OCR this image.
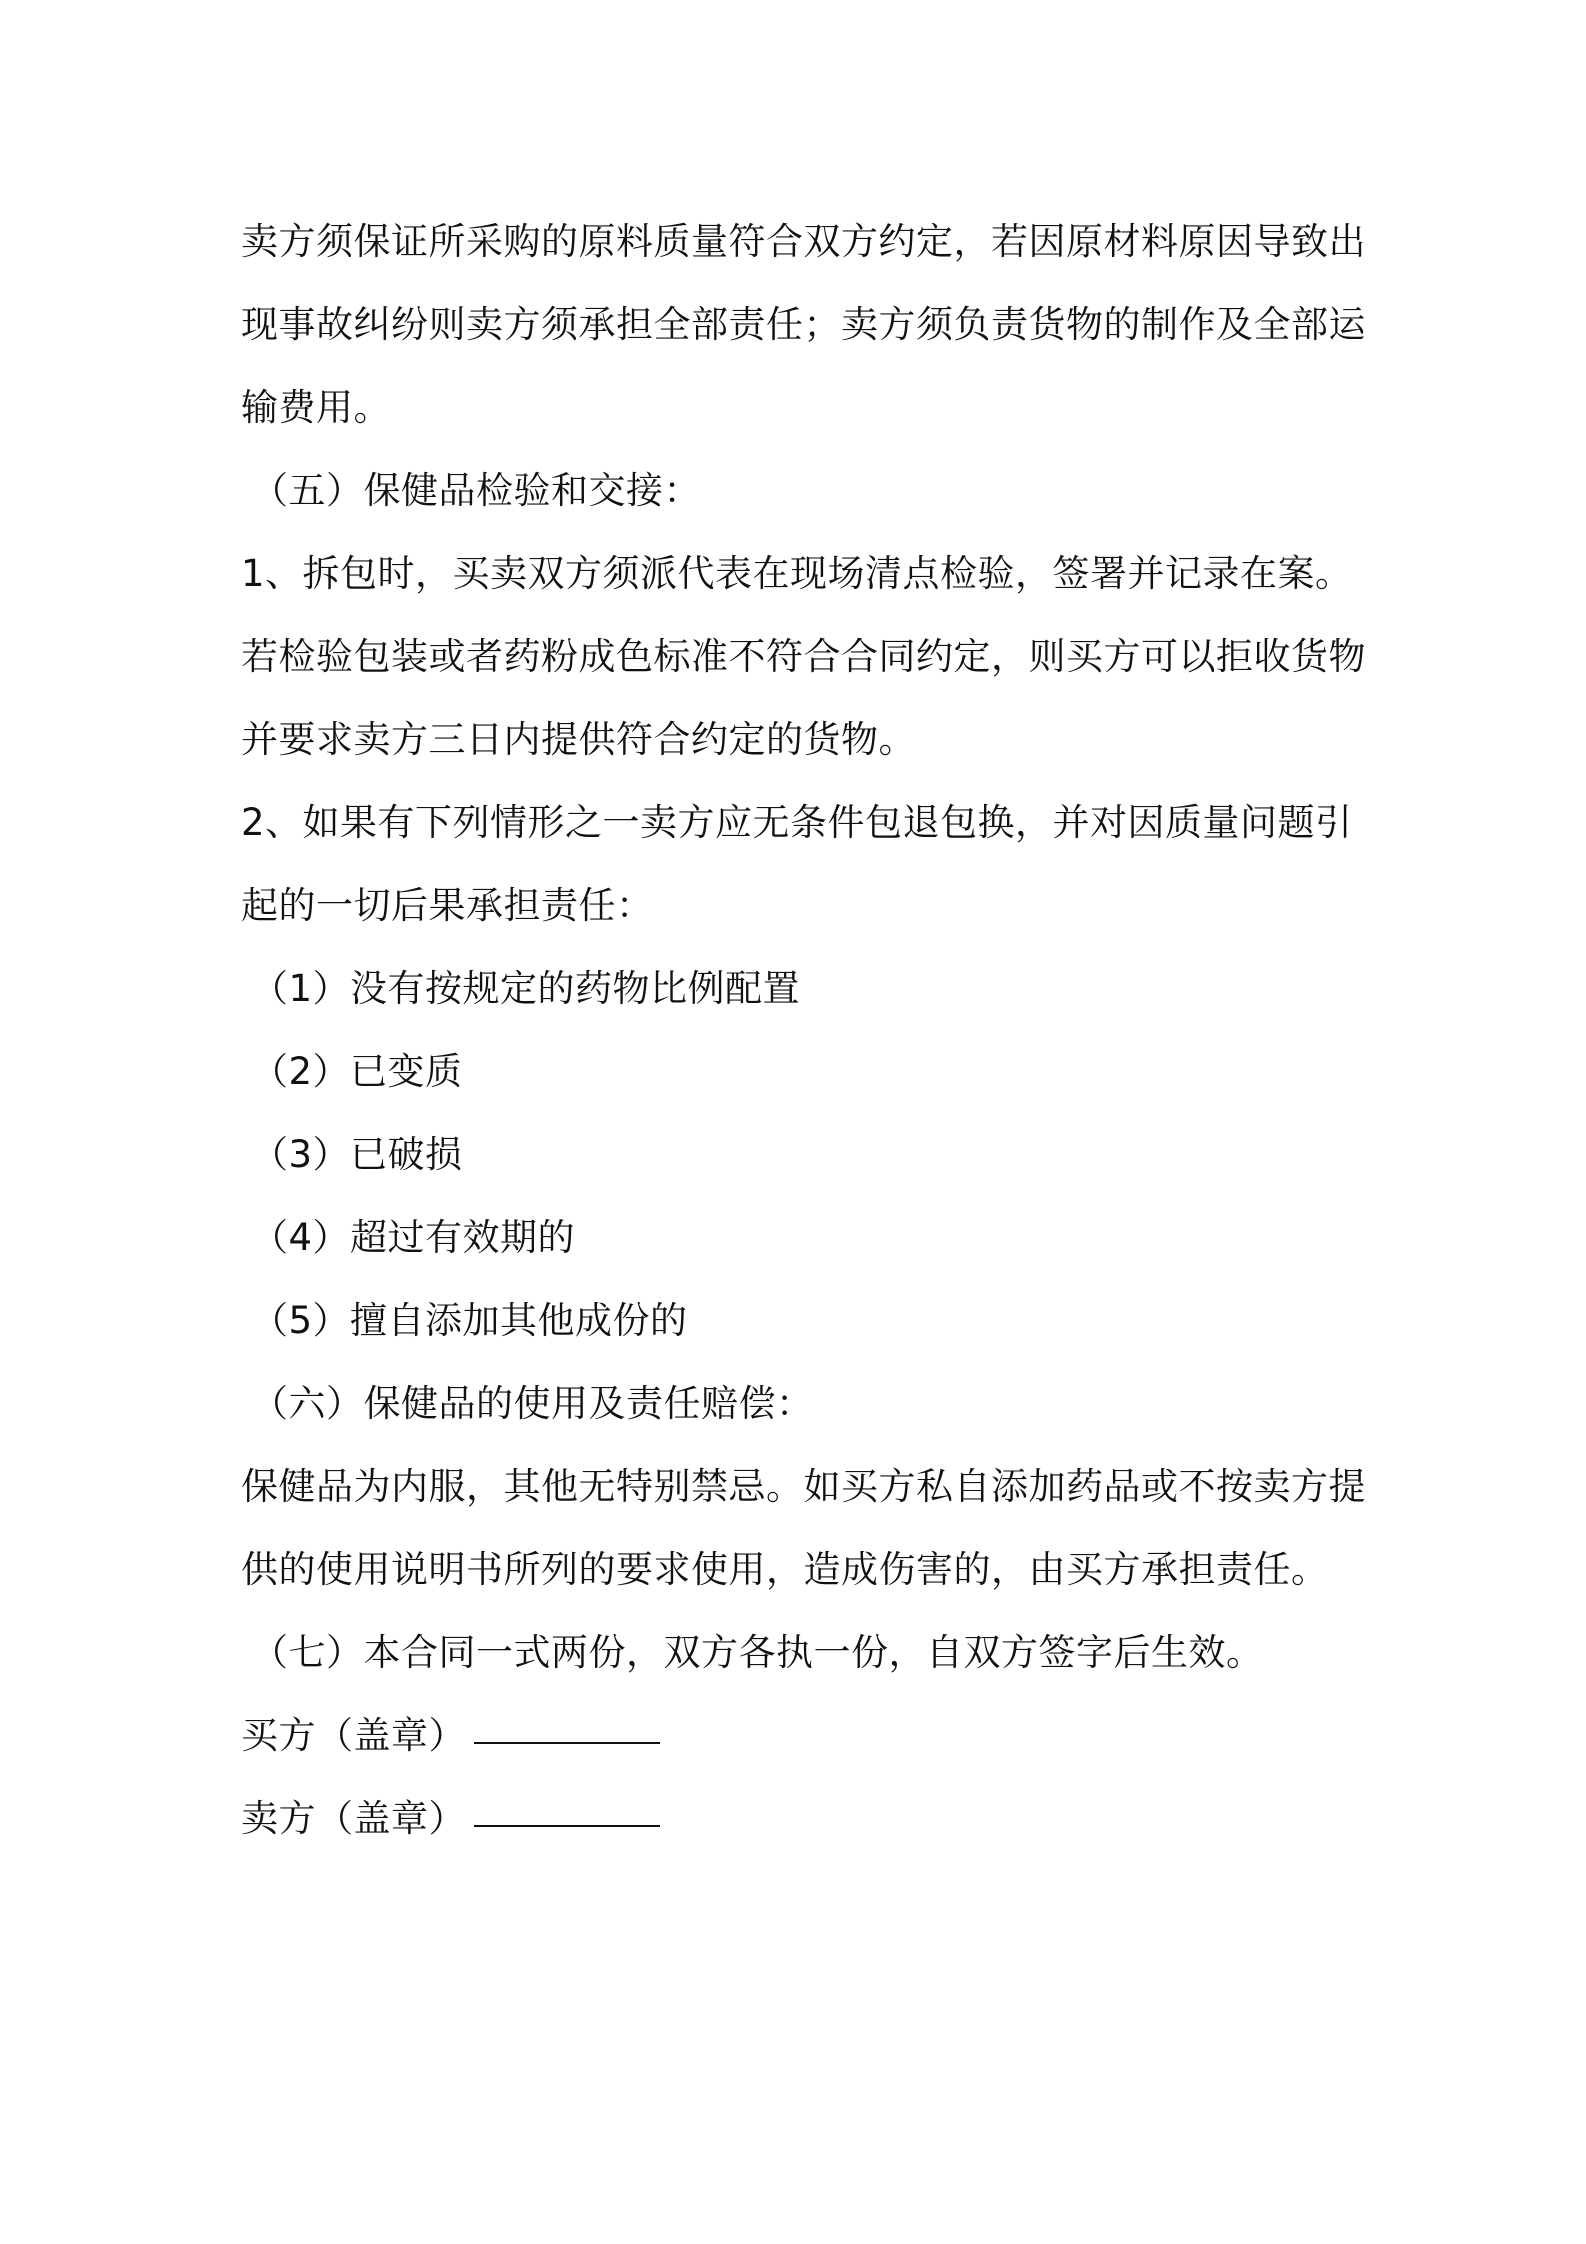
卖方须保证所采购的原料质量符合双方约定，若因原材料原因导致出
现事故纠纷则卖方须承担全部责任；卖方须负责货物的制作及全部运
输费用。
（五）保健品检验和交接：
1、拆包时，买卖双方须派代表在现场清点检验，签署并记录在案。
若检验包装或者药粉成色标准不符合合同约定，则买方可以拒收货物
并要求卖方三日内提供符合约定的货物。
2、如果有下列情形之一卖方应无条件包退包换，并对因质量问题引
起的一切后果承担责任：
（1）没有按规定的药物比例配置
（2）已变质
（3）已破损
（4）超过有效期的
（5）擅自添加其他成份的
（六）保健品的使用及责任赔偿：
保健品为内服，其他无特别禁忌。如买方私自添加药品或不按卖方提
供的使用说明书所列的要求使用，造成伤害的，由买方承担责任。
（七）本合同一式两份，双方各执一份，自双方签字后生效。
买方（盖章）
卖方（盖章）
